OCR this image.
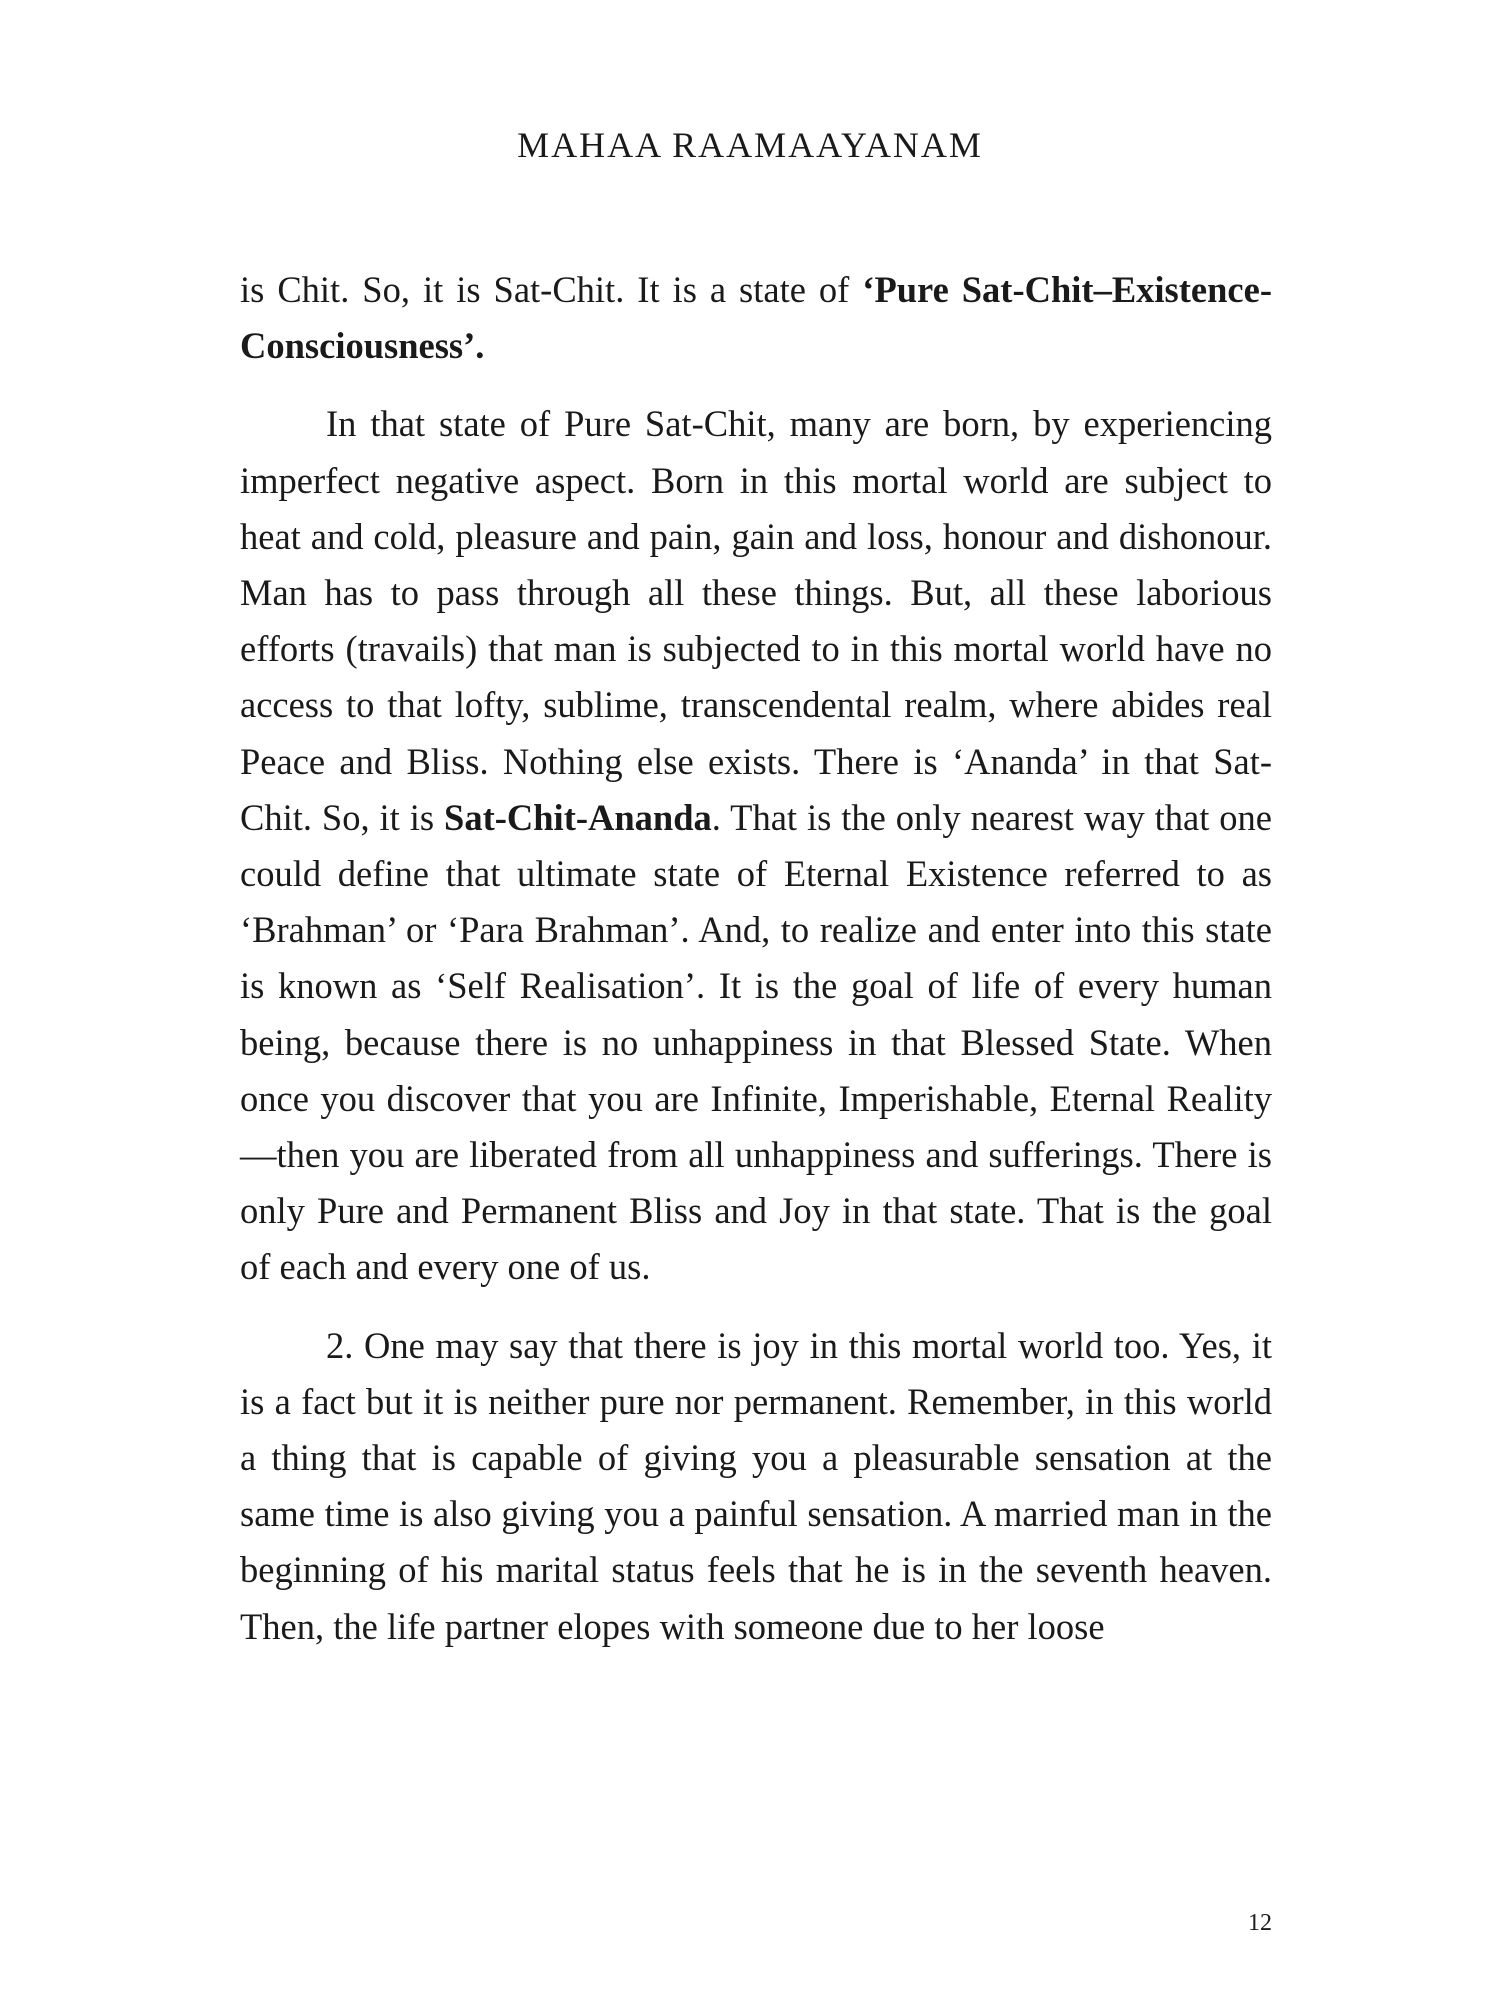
MAHAA RAAMAAYANAM

is Chit. So, it is Sat-Chit. It is a state of ‘Pure Sat-Chit–Existence-Consciousness’.

In that state of Pure Sat-Chit, many are born, by experiencing imperfect negative aspect. Born in this mortal world are subject to heat and cold, pleasure and pain, gain and loss, honour and dishonour. Man has to pass through all these things. But, all these laborious efforts (travails) that man is subjected to in this mortal world have no access to that lofty, sublime, transcendental realm, where abides real Peace and Bliss. Nothing else exists. There is ‘Ananda’ in that Sat-Chit. So, it is Sat-Chit-Ananda. That is the only nearest way that one could define that ultimate state of Eternal Existence referred to as ‘Brahman’ or ‘Para Brahman’. And, to realize and enter into this state is known as ‘Self Realisation’. It is the goal of life of every human being, because there is no unhappiness in that Blessed State. When once you discover that you are Infinite, Imperishable, Eternal Reality—then you are liberated from all unhappiness and sufferings. There is only Pure and Permanent Bliss and Joy in that state. That is the goal of each and every one of us.

2. One may say that there is joy in this mortal world too. Yes, it is a fact but it is neither pure nor permanent. Remember, in this world a thing that is capable of giving you a pleasurable sensation at the same time is also giving you a painful sensation. A married man in the beginning of his marital status feels that he is in the seventh heaven. Then, the life partner elopes with someone due to her loose

12
